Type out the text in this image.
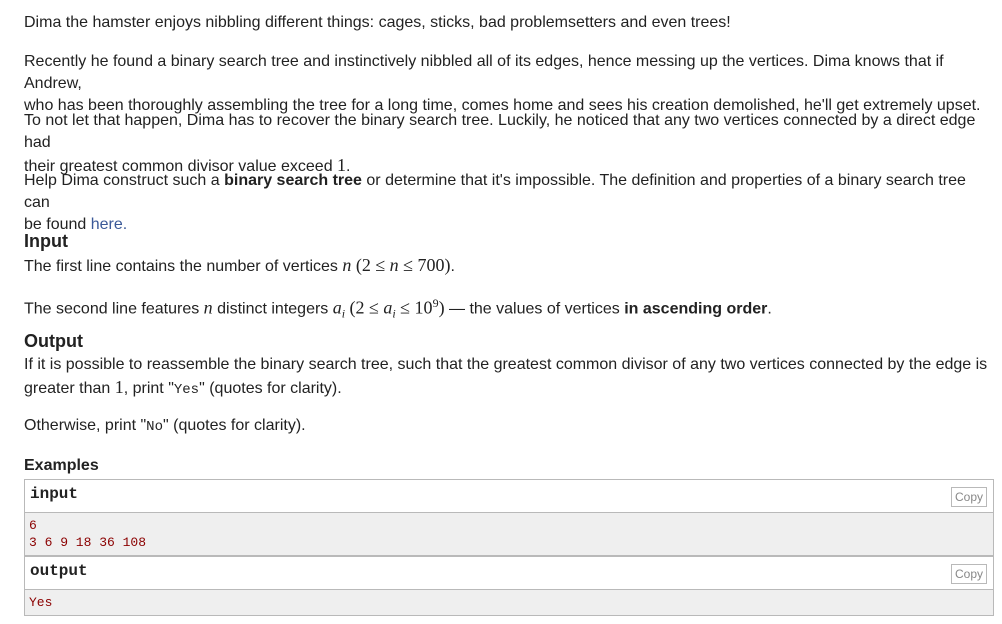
Dima the hamster enjoys nibbling different things: cages, sticks, bad problemsetters and even trees!

Recently he found a binary search tree and instinctively nibbled all of its edges, hence messing up the vertices. Dima knows that if Andrew,
who has been thoroughly assembling the tree for a long time, comes home and sees his creation demolished, he'll get extremely upset.

To not let that happen, Dima has to recover the binary search tree. Luckily, he noticed that any two vertices connected by a direct edge had
their greatest common divisor value exceed 1.

Help Dima construct such a binary search tree or determine that it's impossible. The definition and properties of a binary search tree can
be found here.

Input

The first line contains the number of vertices n (2 ≤ n ≤ 700).

The second line features n distinct integers $a_i$ $(2 \le a_i \le 10^9)$ — the values of vertices in ascending order.

Output

If it is possible to reassemble the binary search tree, such that the greatest common divisor of any two vertices connected by the edge is
greater than 1, print "Yes" (quotes for clarity).

Otherwise, print "No" (quotes for clarity).

Examples
input	Copy
6
3 6 9 18 36 108
output	Copy
Yes
